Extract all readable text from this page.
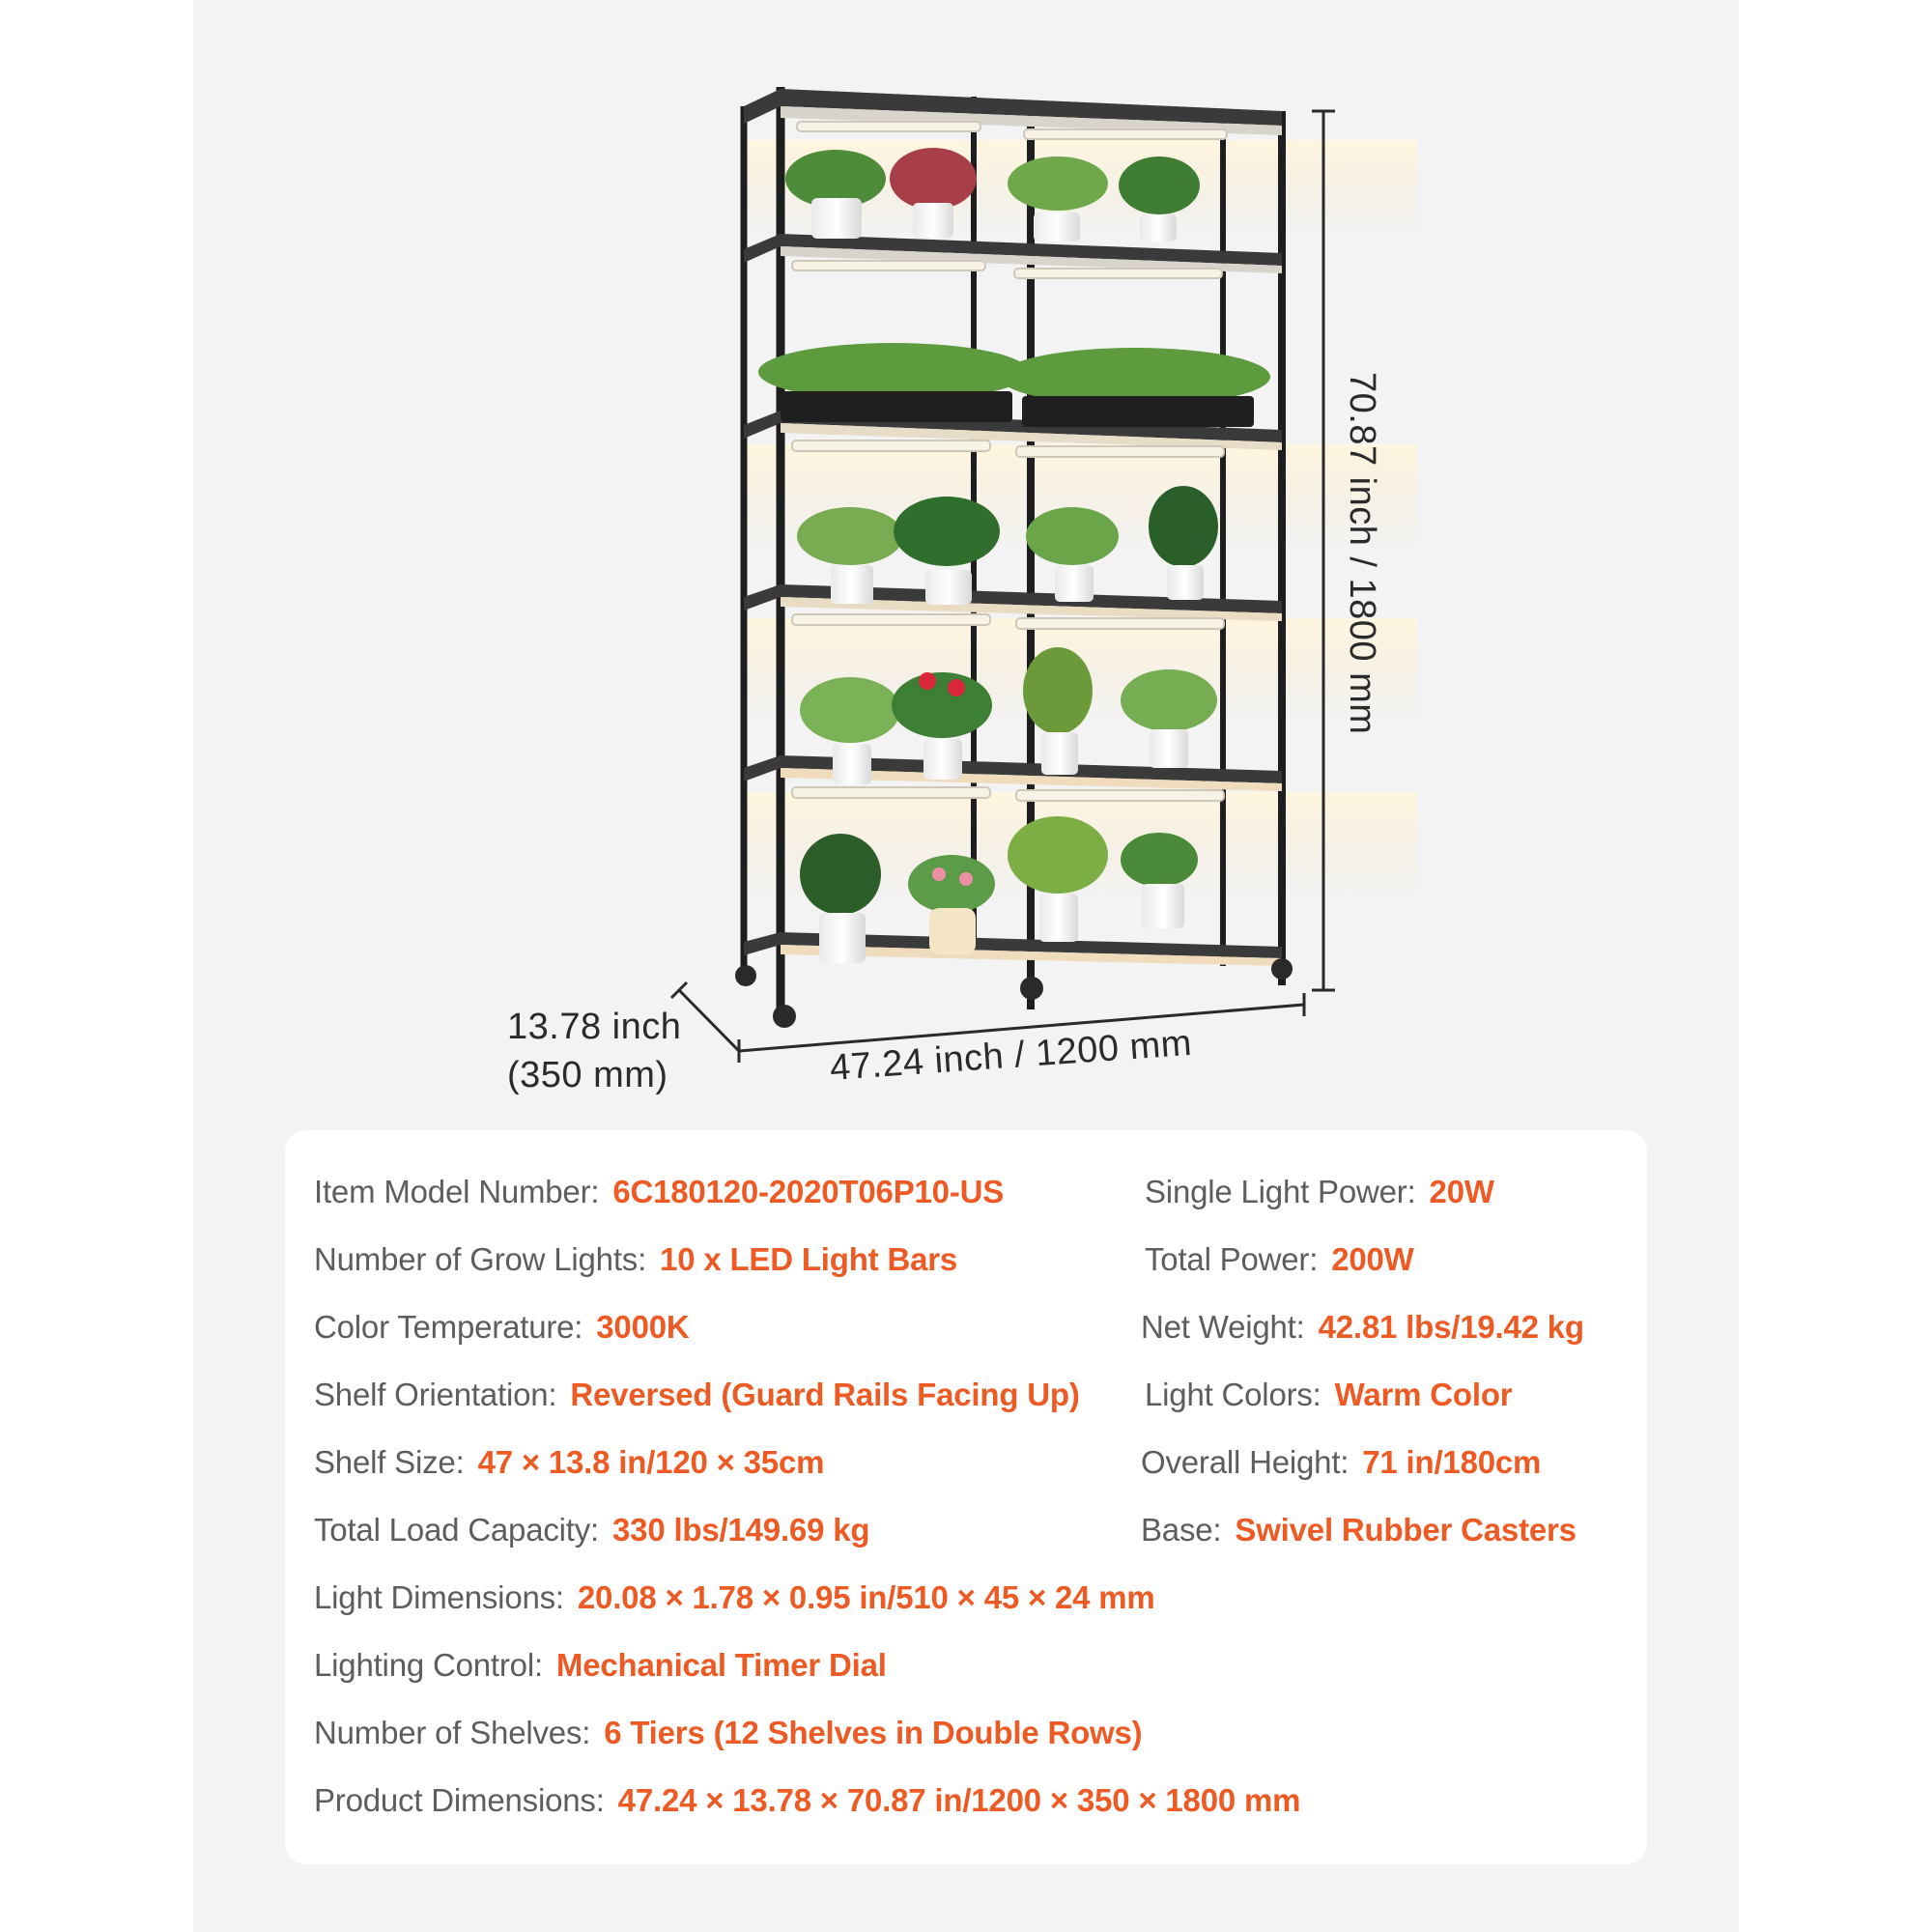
70.87 inch / 1800 mm
47.24 inch / 1200 mm
13.78 inch
(350 mm)
Item Model Number: 6C180120-2020T06P10-US
Number of Grow Lights: 10 x LED Light Bars
Color Temperature: 3000K
Shelf Orientation: Reversed (Guard Rails Facing Up)
Shelf Size: 47 × 13.8 in/120 × 35cm
Total Load Capacity: 330 lbs/149.69 kg
Light Dimensions: 20.08 × 1.78 × 0.95 in/510 × 45 × 24 mm
Lighting Control: Mechanical Timer Dial
Number of Shelves: 6 Tiers (12 Shelves in Double Rows)
Product Dimensions: 47.24 × 13.78 × 70.87 in/1200 × 350 × 1800 mm
Single Light Power: 20W
Total Power: 200W
Net Weight: 42.81 lbs/19.42 kg
Light Colors: Warm Color
Overall Height: 71 in/180cm
Base: Swivel Rubber Casters
